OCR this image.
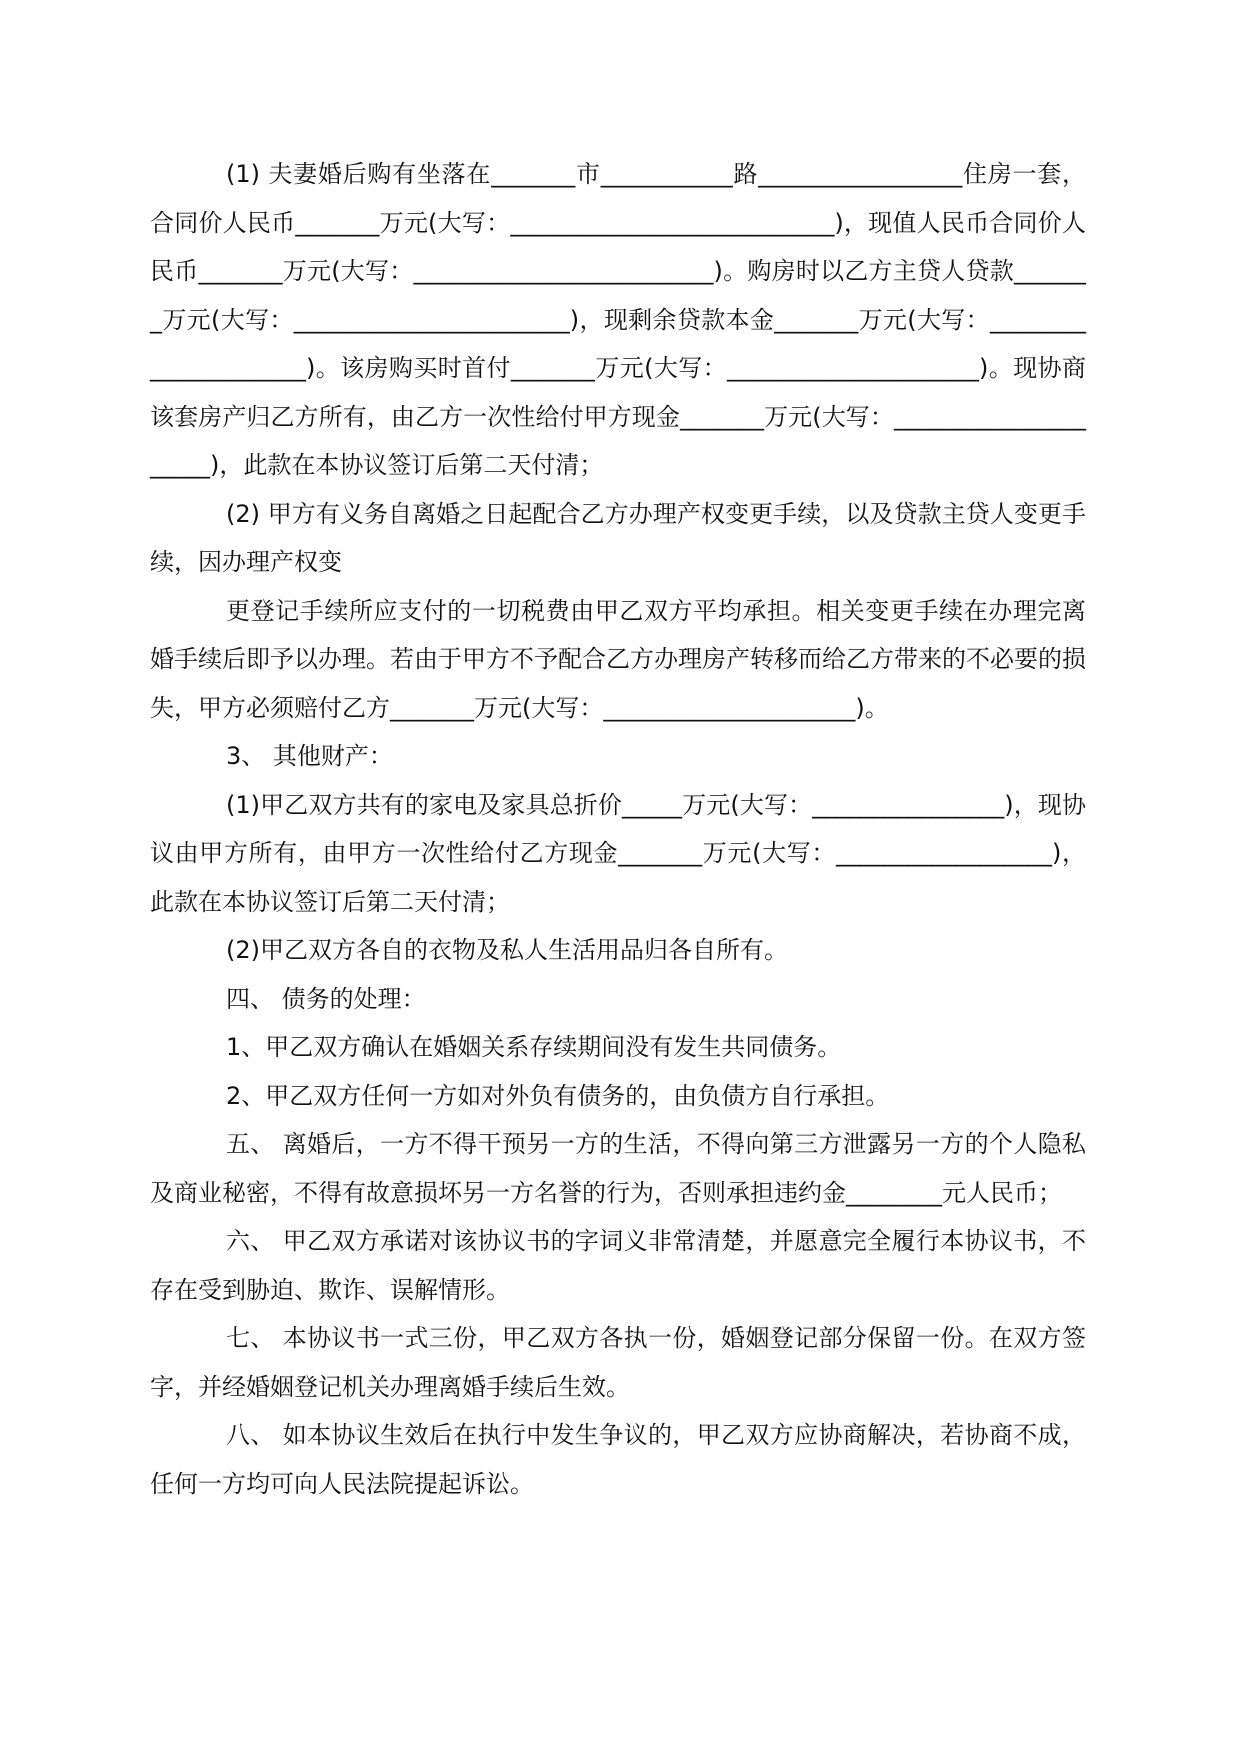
(1) 夫妻婚后购有坐落在_______市___________路_________________住房一套，合同价人民币_______万元(大写：___________________________)，现值人民币合同价人民币_______万元(大写：_________________________)。购房时以乙方主贷人贷款_______万元(大写：_______________________)，现剩余贷款本金_______万元(大写：_____________________)。该房购买时首付_______万元(大写：_____________________)。现协商该套房产归乙方所有，由乙方一次性给付甲方现金_______万元(大写：_____________________)，此款在本协议签订后第二天付清；

(2) 甲方有义务自离婚之日起配合乙方办理产权变更手续，以及贷款主贷人变更手续，因办理产权变

更登记手续所应支付的一切税费由甲乙双方平均承担。相关变更手续在办理完离婚手续后即予以办理。若由于甲方不予配合乙方办理房产转移而给乙方带来的不必要的损失，甲方必须赔付乙方_______万元(大写：_____________________)。

3、 其他财产：

(1)甲乙双方共有的家电及家具总折价_____万元(大写：________________)，现协议由甲方所有，由甲方一次性给付乙方现金_______万元(大写：__________________)，此款在本协议签订后第二天付清；

(2)甲乙双方各自的衣物及私人生活用品归各自所有。

四、 债务的处理：

1、甲乙双方确认在婚姻关系存续期间没有发生共同债务。

2、甲乙双方任何一方如对外负有债务的，由负债方自行承担。

五、 离婚后，一方不得干预另一方的生活，不得向第三方泄露另一方的个人隐私及商业秘密，不得有故意损坏另一方名誉的行为，否则承担违约金________元人民币；

六、 甲乙双方承诺对该协议书的字词义非常清楚，并愿意完全履行本协议书，不存在受到胁迫、欺诈、误解情形。

七、 本协议书一式三份，甲乙双方各执一份，婚姻登记部分保留一份。在双方签字，并经婚姻登记机关办理离婚手续后生效。

八、 如本协议生效后在执行中发生争议的，甲乙双方应协商解决，若协商不成，任何一方均可向人民法院提起诉讼。
